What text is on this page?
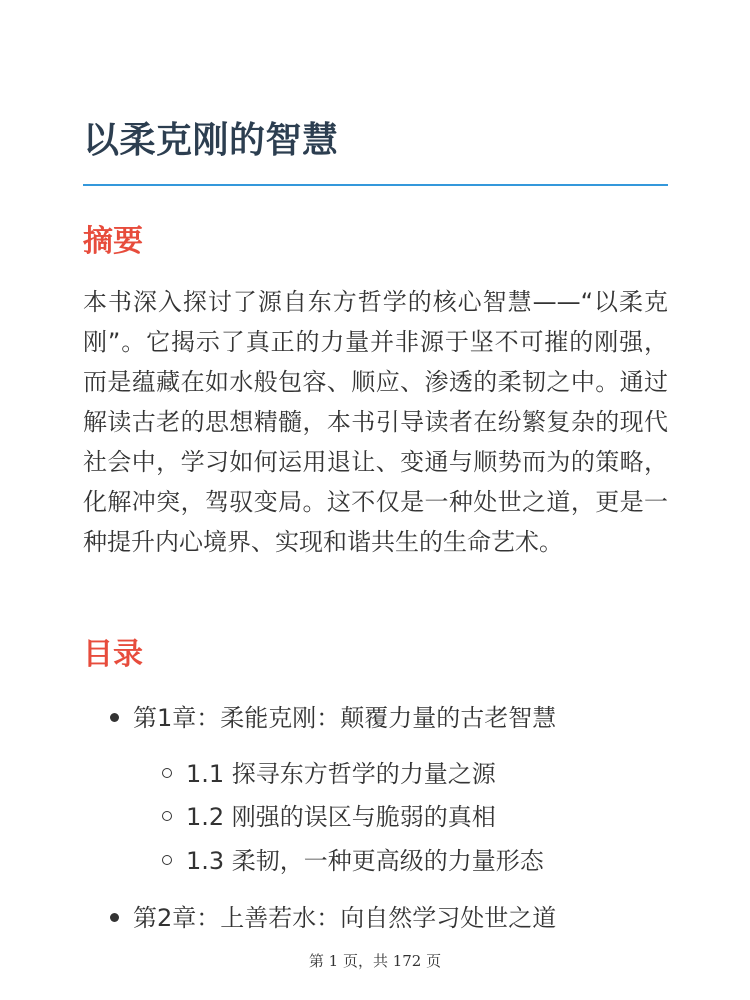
以柔克刚的智慧
摘要

本书深入探讨了源自东方哲学的核心智慧——“以柔克刚”。它揭示了真正的力量并非源于坚不可摧的刚强，而是蕴藏在如水般包容、顺应、渗透的柔韧之中。通过解读古老的思想精髓，本书引导读者在纷繁复杂的现代社会中，学习如何运用退让、变通与顺势而为的策略，化解冲突，驾驭变局。这不仅是一种处世之道，更是一种提升内心境界、实现和谐共生的生命艺术。

目录
第1章：柔能克刚：颠覆力量的古老智慧
1.1 探寻东方哲学的力量之源
1.2 刚强的误区与脆弱的真相
1.3 柔韧，一种更高级的力量形态
第2章：上善若水：向自然学习处世之道
第 1 页，共 172 页
